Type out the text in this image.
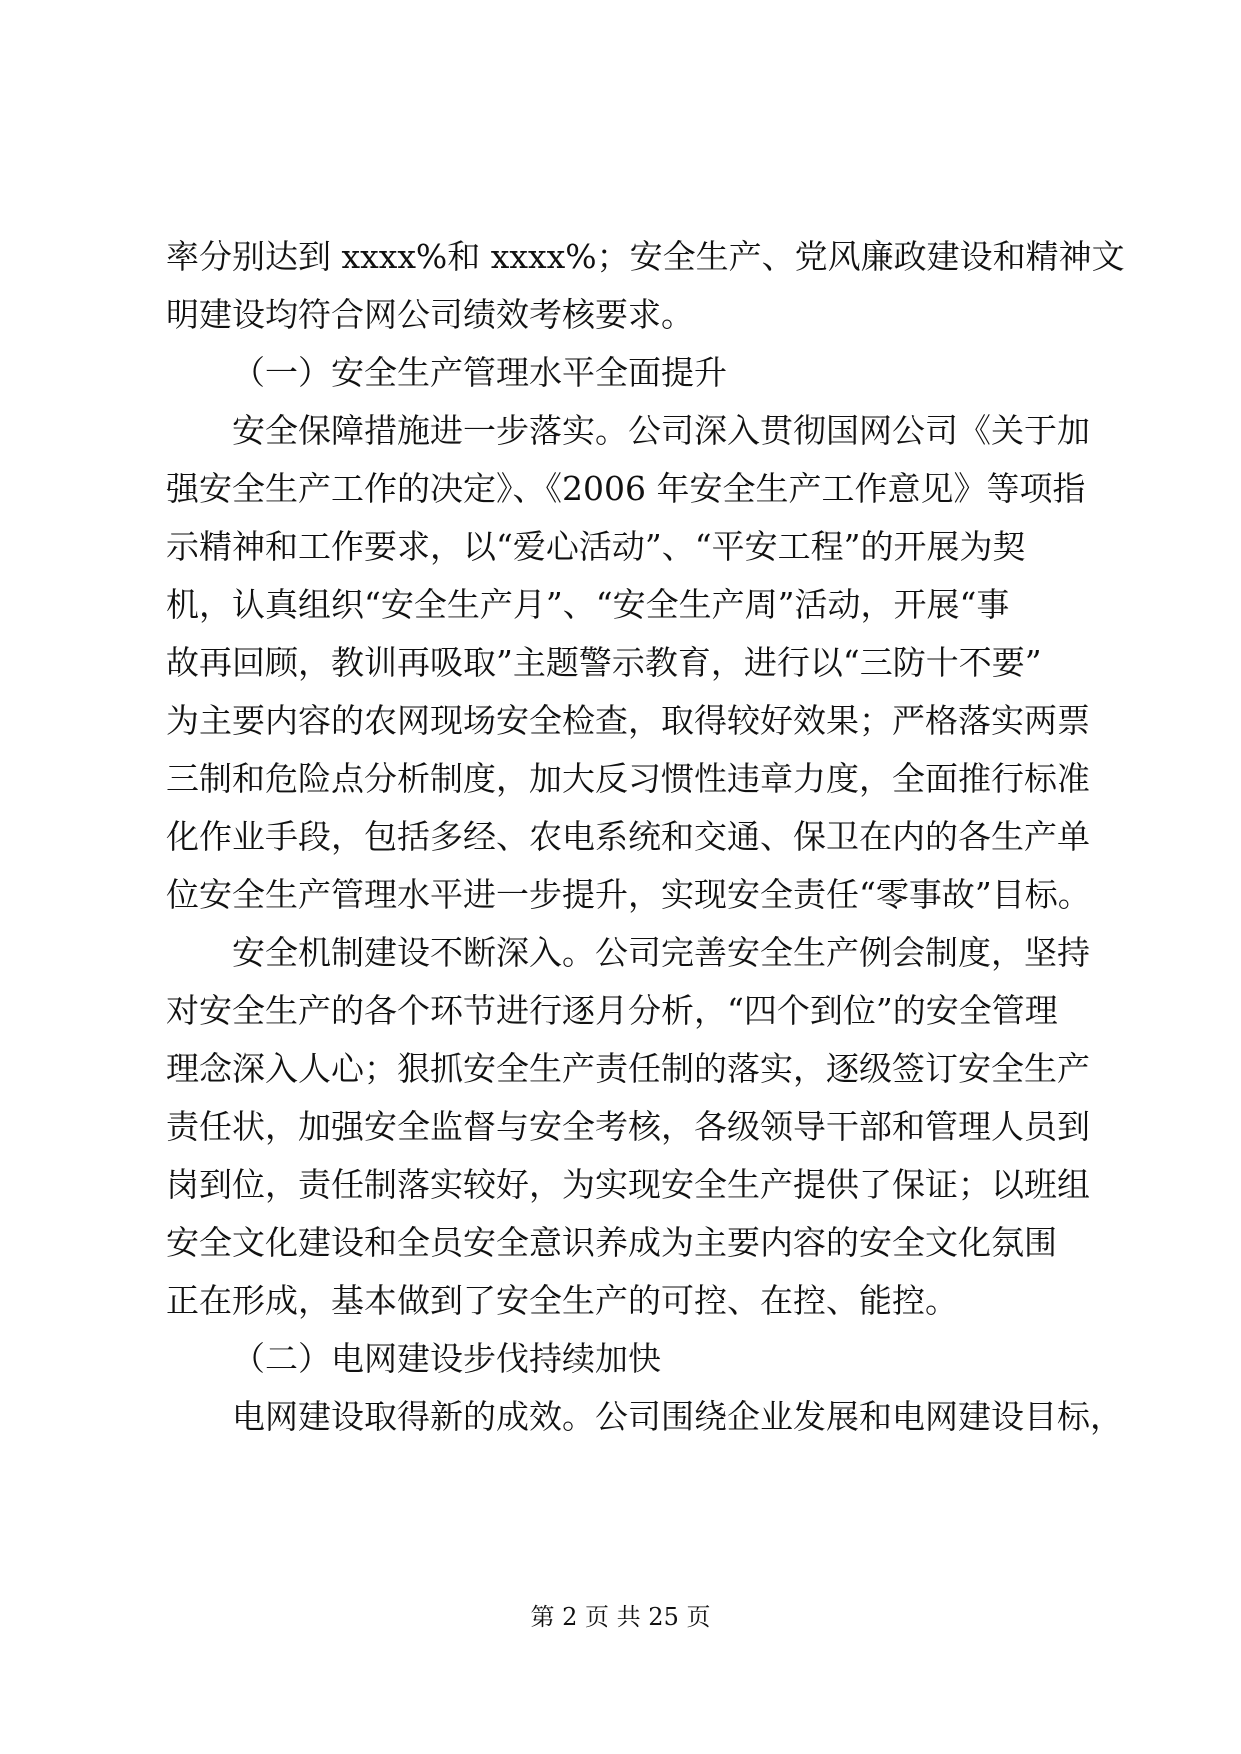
率分别达到 xxxx%和 xxxx%；安全生产、党风廉政建设和精神文
明建设均符合网公司绩效考核要求。
（一）安全生产管理水平全面提升
安全保障措施进一步落实。公司深入贯彻国网公司《关于加
强安全生产工作的决定》、《2006 年安全生产工作意见》等项指
示精神和工作要求，以“爱心活动”、“平安工程”的开展为契
机，认真组织“安全生产月”、“安全生产周”活动，开展“事
故再回顾，教训再吸取”主题警示教育，进行以“三防十不要”
为主要内容的农网现场安全检查，取得较好效果；严格落实两票
三制和危险点分析制度，加大反习惯性违章力度，全面推行标准
化作业手段，包括多经、农电系统和交通、保卫在内的各生产单
位安全生产管理水平进一步提升，实现安全责任“零事故”目标。
安全机制建设不断深入。公司完善安全生产例会制度，坚持
对安全生产的各个环节进行逐月分析，“四个到位”的安全管理
理念深入人心；狠抓安全生产责任制的落实，逐级签订安全生产
责任状，加强安全监督与安全考核，各级领导干部和管理人员到
岗到位，责任制落实较好，为实现安全生产提供了保证；以班组
安全文化建设和全员安全意识养成为主要内容的安全文化氛围
正在形成，基本做到了安全生产的可控、在控、能控。
（二）电网建设步伐持续加快
电网建设取得新的成效。公司围绕企业发展和电网建设目标，
第 2 页 共 25 页
